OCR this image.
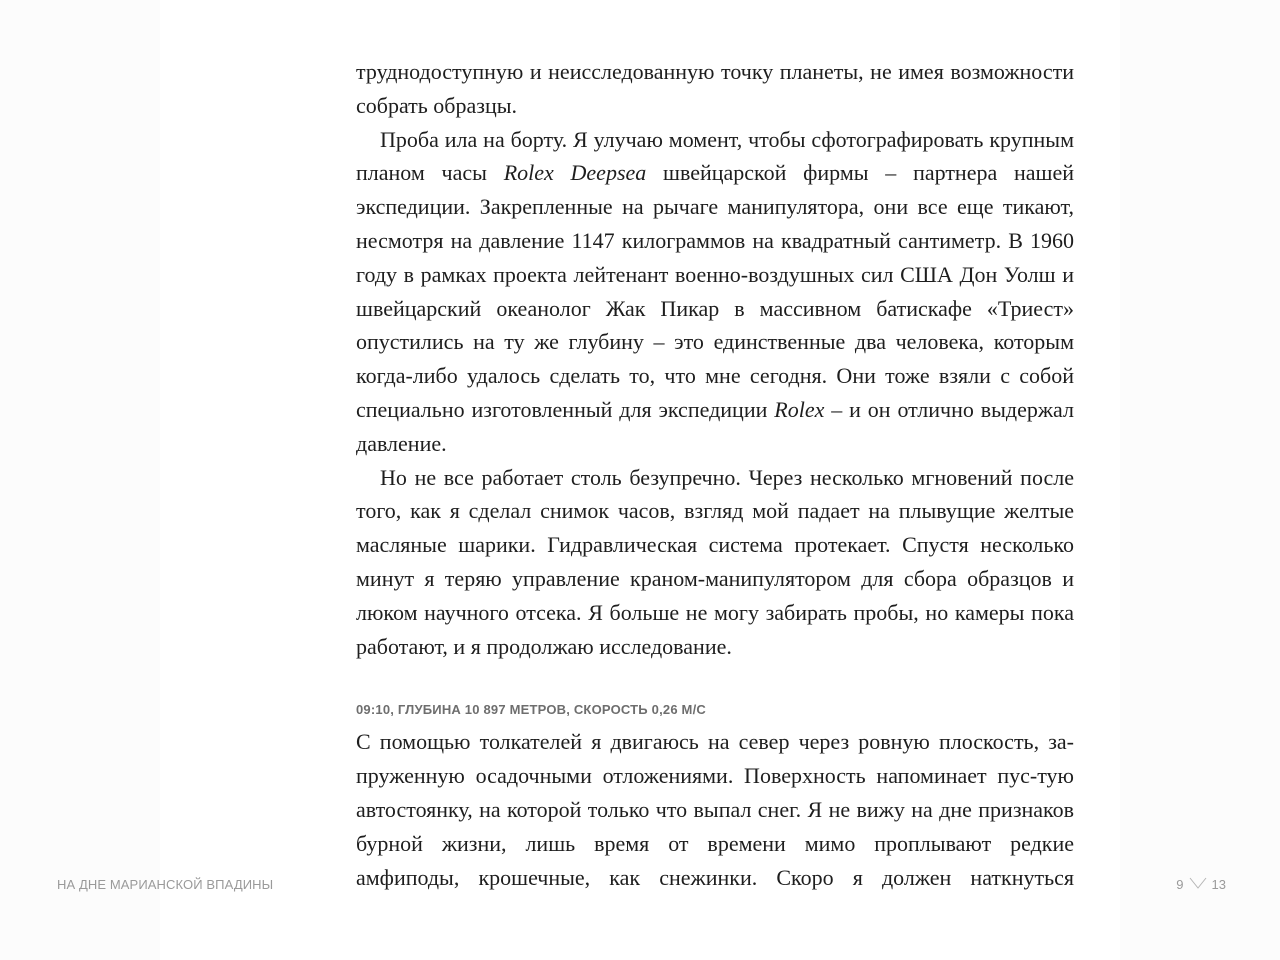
труднодоступную и неисследованную точку планеты, не имея возможности собрать образцы.

Проба ила на борту. Я улучаю момент, чтобы сфотографировать крупным планом часы Rolex Deepsea швейцарской фирмы – партнера нашей экспедиции. Закрепленные на рычаге манипулятора, они все еще тикают, несмотря на давление 1147 килограммов на квадратный сантиметр. В 1960 году в рамках проекта лейтенант военно-воздушных сил США Дон Уолш и швейцарский океанолог Жак Пикар в массивном батискафе «Триест» опустились на ту же глубину – это единственные два человека, которым когда-либо удалось сделать то, что мне сегодня. Они тоже взяли с собой специально изготовленный для экспедиции Rolex – и он отлично выдержал давление.

Но не все работает столь безупречно. Через несколько мгновений после того, как я сделал снимок часов, взгляд мой падает на плывущие желтые масляные шарики. Гидравлическая система протекает. Спустя несколько минут я теряю управление краном-манипулятором для сбора образцов и люком научного отсека. Я больше не могу забирать пробы, но камеры пока работают, и я продолжаю исследование.

09:10, ГЛУБИНА 10 897 МЕТРОВ, СКОРОСТЬ 0,26 М/С

С помощью толкателей я двигаюсь на север через ровную плоскость, запруженную осадочными отложениями. Поверхность напоминает пус-тую автостоянку, на которой только что выпал снег. Я не вижу на дне признаков бурной жизни, лишь время от времени мимо проплывают редкие амфиподы, крошечные, как снежинки. Скоро я должен наткнуться

НА ДНЕ МАРИАНСКОЙ ВПАДИНЫ	9 13
